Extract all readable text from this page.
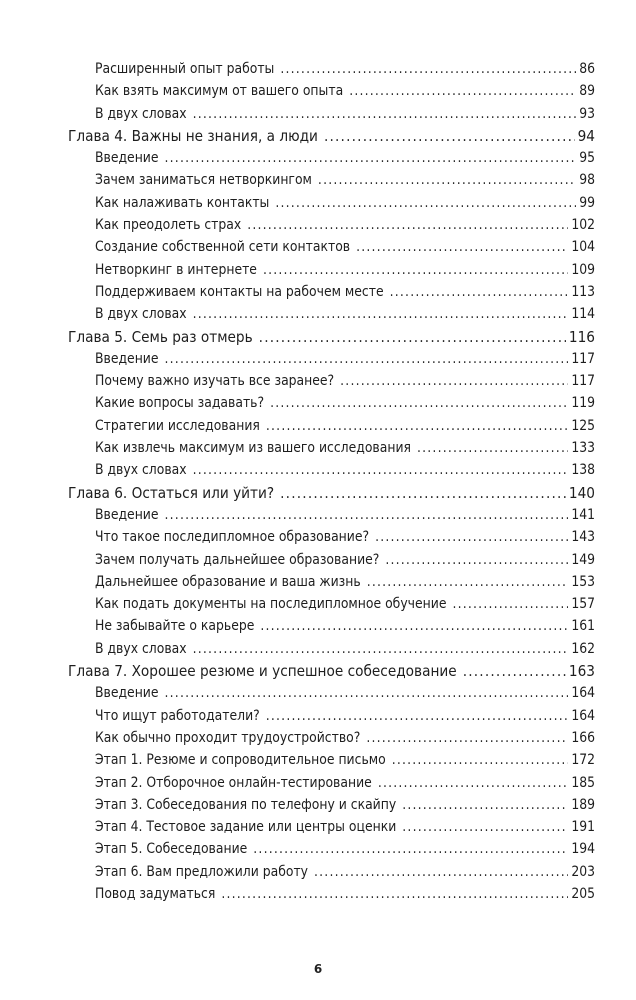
Расширенный опыт работы .....	86
Как взять максимум от вашего опыта .....	89
В двух словах .....	93
Глава 4. Важны не знания, а люди .....	94
Введение .....	95
Зачем заниматься нетворкингом .....	98
Как налаживать контакты .....	99
Как преодолеть страх .....	102
Создание собственной сети контактов .....	104
Нетворкинг в интернете .....	109
Поддерживаем контакты на рабочем месте .....	113
В двух словах .....	114
Глава 5. Семь раз отмерь .....	116
Введение .....	117
Почему важно изучать все заранее? .....	117
Какие вопросы задавать? .....	119
Стратегии исследования .....	125
Как извлечь максимум из вашего исследования .....	133
В двух словах .....	138
Глава 6. Остаться или уйти? .....	140
Введение .....	141
Что такое последипломное образование? .....	143
Зачем получать дальнейшее образование? .....	149
Дальнейшее образование и ваша жизнь .....	153
Как подать документы на последипломное обучение .....	157
Не забывайте о карьере .....	161
В двух словах .....	162
Глава 7. Хорошее резюме и успешное собеседование .....	163
Введение .....	164
Что ищут работодатели? .....	164
Как обычно проходит трудоустройство? .....	166
Этап 1. Резюме и сопроводительное письмо .....	172
Этап 2. Отборочное онлайн-тестирование .....	185
Этап 3. Собеседования по телефону и скайпу .....	189
Этап 4. Тестовое задание или центры оценки .....	191
Этап 5. Собеседование .....	194
Этап 6. Вам предложили работу .....	203
Повод задуматься .....	205
6
